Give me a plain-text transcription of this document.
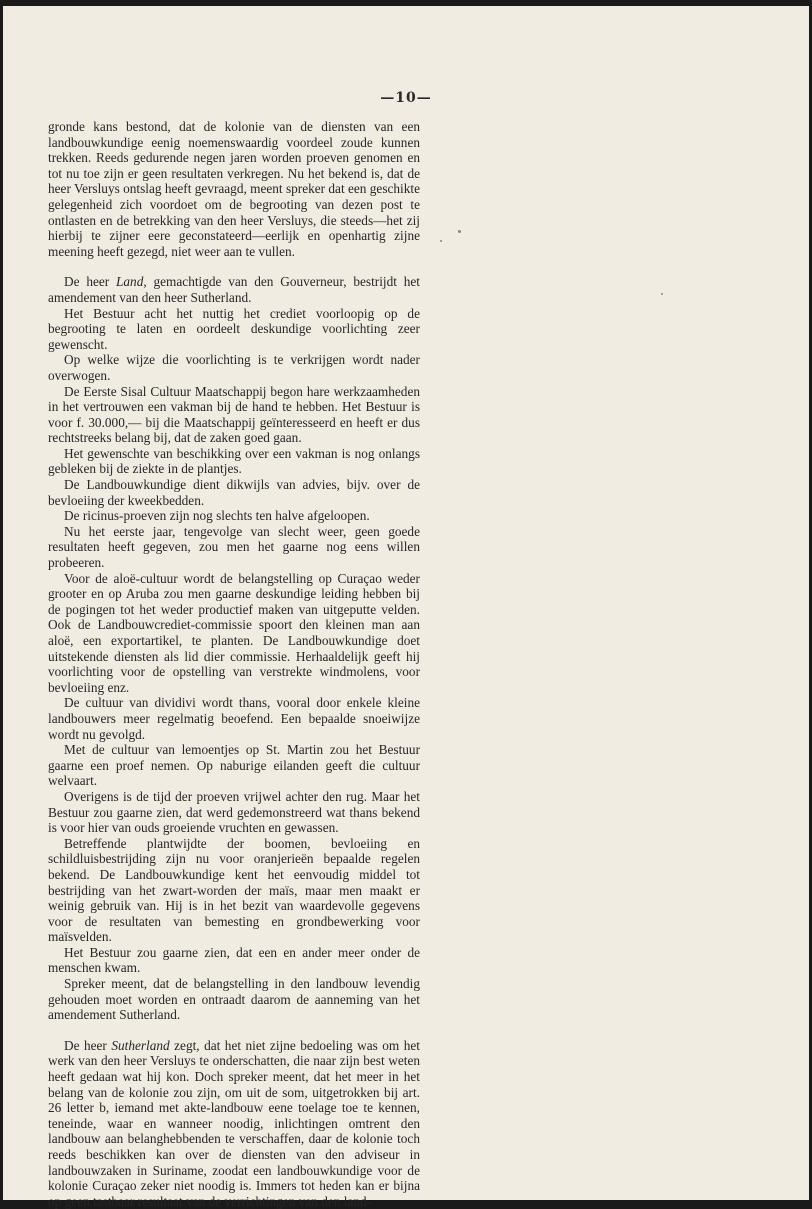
—10—

gronde kans bestond, dat de kolonie van de diensten van een landbouwkundige eenig noemenswaardig voordeel zoude kunnen trekken. Reeds gedurende negen jaren worden proeven genomen en tot nu toe zijn er geen resultaten verkregen. Nu het bekend is, dat de heer Versluys ontslag heeft gevraagd, meent spreker dat een geschikte gelegenheid zich voordoet om de begrooting van dezen post te ontlasten en de betrekking van den heer Versluys, die steeds—het zij hierbij te zijner eere geconstateerd—eerlijk en openhartig zijne meening heeft gezegd, niet weer aan te vullen.

De heer Land, gemachtigde van den Gouverneur, bestrijdt het amendement van den heer Sutherland.

Het Bestuur acht het nuttig het crediet voorloopig op de begrooting te laten en oordeelt deskundige voorlichting zeer gewenscht.

Op welke wijze die voorlichting is te verkrijgen wordt nader overwogen.

De Eerste Sisal Cultuur Maatschappij begon hare werkzaamheden in het vertrouwen een vakman bij de hand te hebben. Het Bestuur is voor f. 30.000,— bij die Maatschappij geïnteresseerd en heeft er dus rechtstreeks belang bij, dat de zaken goed gaan.

Het gewenschte van beschikking over een vakman is nog onlangs gebleken bij de ziekte in de plantjes.

De Landbouwkundige dient dikwijls van advies, bijv. over de bevloeiing der kweekbedden.

De ricinus-proeven zijn nog slechts ten halve afgeloopen.

Nu het eerste jaar, tengevolge van slecht weer, geen goede resultaten heeft gegeven, zou men het gaarne nog eens willen probeeren.

Voor de aloë-cultuur wordt de belangstelling op Curaçao weder grooter en op Aruba zou men gaarne deskundige leiding hebben bij de pogingen tot het weder productief maken van uitgeputte velden. Ook de Landbouwcrediet-commissie spoort den kleinen man aan aloë, een exportartikel, te planten. De Landbouwkundige doet uitstekende diensten als lid dier commissie. Herhaaldelijk geeft hij voorlichting voor de opstelling van verstrekte windmolens, voor bevloeiing enz.

De cultuur van dividivi wordt thans, vooral door enkele kleine landbouwers meer regelmatig beoefend. Een bepaalde snoeiwijze wordt nu gevolgd.

Met de cultuur van lemoentjes op St. Martin zou het Bestuur gaarne een proef nemen. Op naburige eilanden geeft die cultuur welvaart.

Overigens is de tijd der proeven vrijwel achter den rug. Maar het Bestuur zou gaarne zien, dat werd gedemonstreerd wat thans bekend is voor hier van ouds groeiende vruchten en gewassen.

Betreffende plantwijdte der boomen, bevloeiing en schildluisbestrijding zijn nu voor oranjerieën bepaalde regelen bekend. De Landbouwkundige kent het eenvoudig middel tot bestrijding van het zwart-worden der maïs, maar men maakt er weinig gebruik van. Hij is in het bezit van waardevolle gegevens voor de resultaten van bemesting en grondbewerking voor maïsvelden.

Het Bestuur zou gaarne zien, dat een en ander meer onder de menschen kwam.

Spreker meent, dat de belangstelling in den landbouw levendig gehouden moet worden en ontraadt daarom de aanneming van het amendement Sutherland.

De heer Sutherland zegt, dat het niet zijne bedoeling was om het werk van den heer Versluys te onderschatten, die naar zijn best weten heeft gedaan wat hij kon. Doch spreker meent, dat het meer in het belang van de kolonie zou zijn, om uit de som, uitgetrokken bij art. 26 letter b, iemand met akte-landbouw eene toelage toe te kennen, teneinde, waar en wanneer noodig, inlichtingen omtrent den landbouw aan belanghebbenden te verschaffen, daar de kolonie toch reeds beschikken kan over de diensten van den adviseur in landbouwzaken in Suriname, zoodat een landbouwkundige voor de kolonie Curaçao zeker niet noodig is. Immers tot heden kan er bijna op geen tastbaar resultaat van de verrichtingen van den land-
